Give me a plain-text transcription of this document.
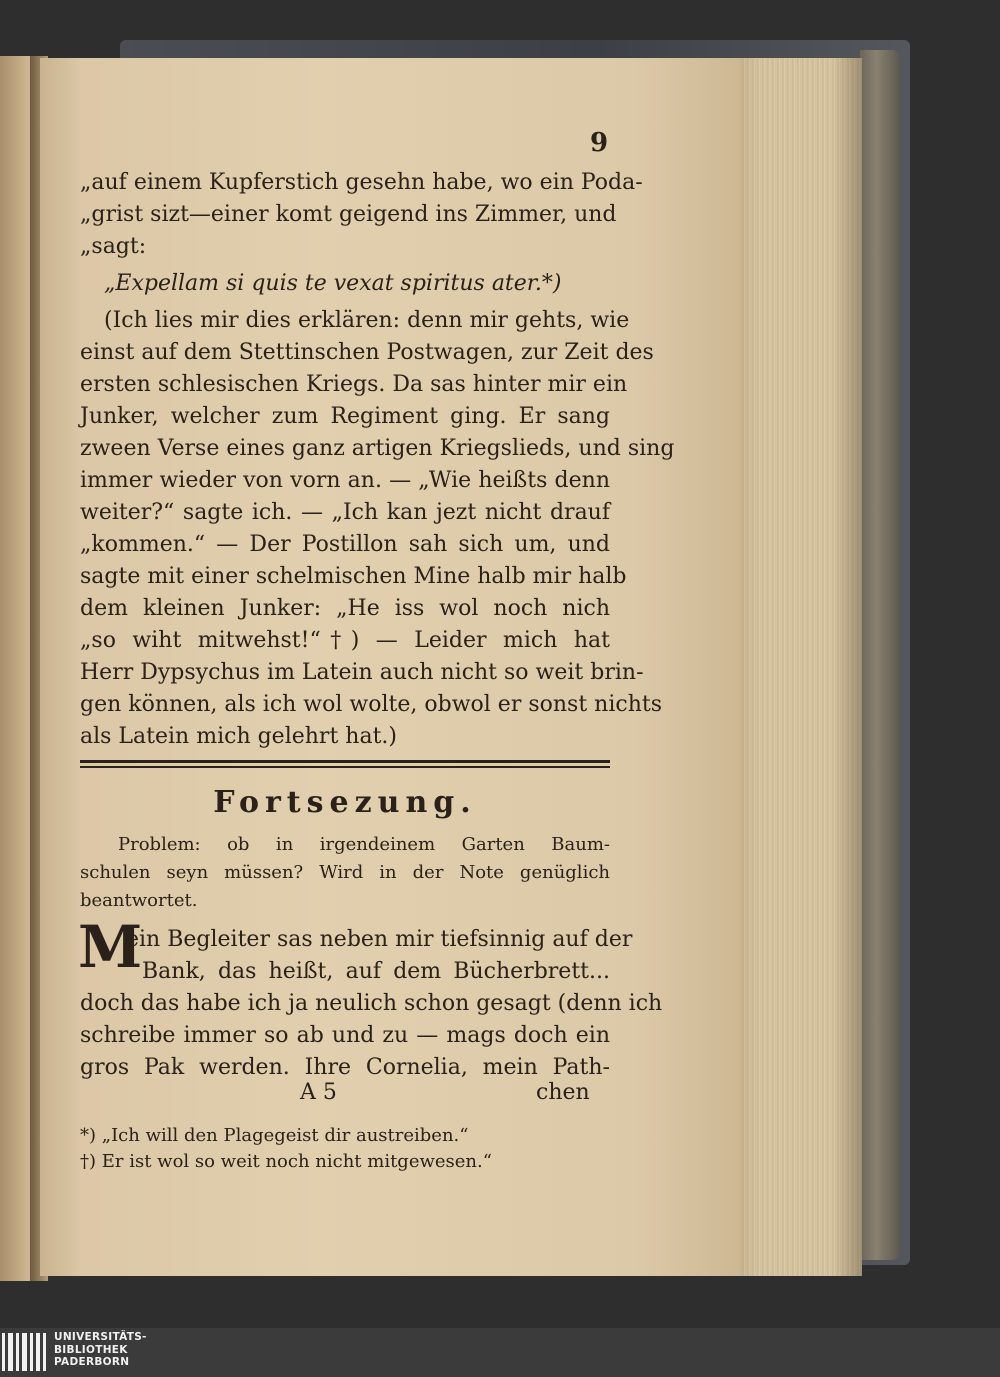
9
„auf einem Kupferstich gesehn habe, wo ein Poda-
„grist sizt—einer komt geigend ins Zimmer, und
„sagt:
„Expellam si quis te vexat spiritus ater.*)
(Ich lies mir dies erklären: denn mir gehts, wie
einst auf dem Stettinschen Postwagen, zur Zeit des
ersten schlesischen Kriegs. Da sas hinter mir ein
Junker, welcher zum Regiment ging. Er sang
zween Verse eines ganz artigen Kriegslieds, und sing
immer wieder von vorn an. — „Wie heißts denn
weiter?“ sagte ich. — „Ich kan jezt nicht drauf
„kommen.“ — Der Postillon sah sich um, und
sagte mit einer schelmischen Mine halb mir halb
dem kleinen Junker: „He iss wol noch nich
„so wiht mitwehst!“†) — Leider mich hat
Herr Dypsychus im Latein auch nicht so weit brin-
gen können, als ich wol wolte, obwol er sonst nichts
als Latein mich gelehrt hat.)
Fortsezung.
Problem: ob in irgendeinem Garten Baum-
schulen seyn müssen? Wird in der Note genüglich
beantwortet.
M
ein Begleiter sas neben mir tiefsinnig auf der
Bank, das heißt, auf dem Bücherbrett...
doch das habe ich ja neulich schon gesagt (denn ich
schreibe immer so ab und zu — mags doch ein
gros Pak werden. Ihre Cornelia, mein Path-
A 5	chen
*) „Ich will den Plagegeist dir austreiben.“
†) Er ist wol so weit noch nicht mitgewesen.“
UNIVERSITÄTS-
BIBLIOTHEK
PADERBORN
